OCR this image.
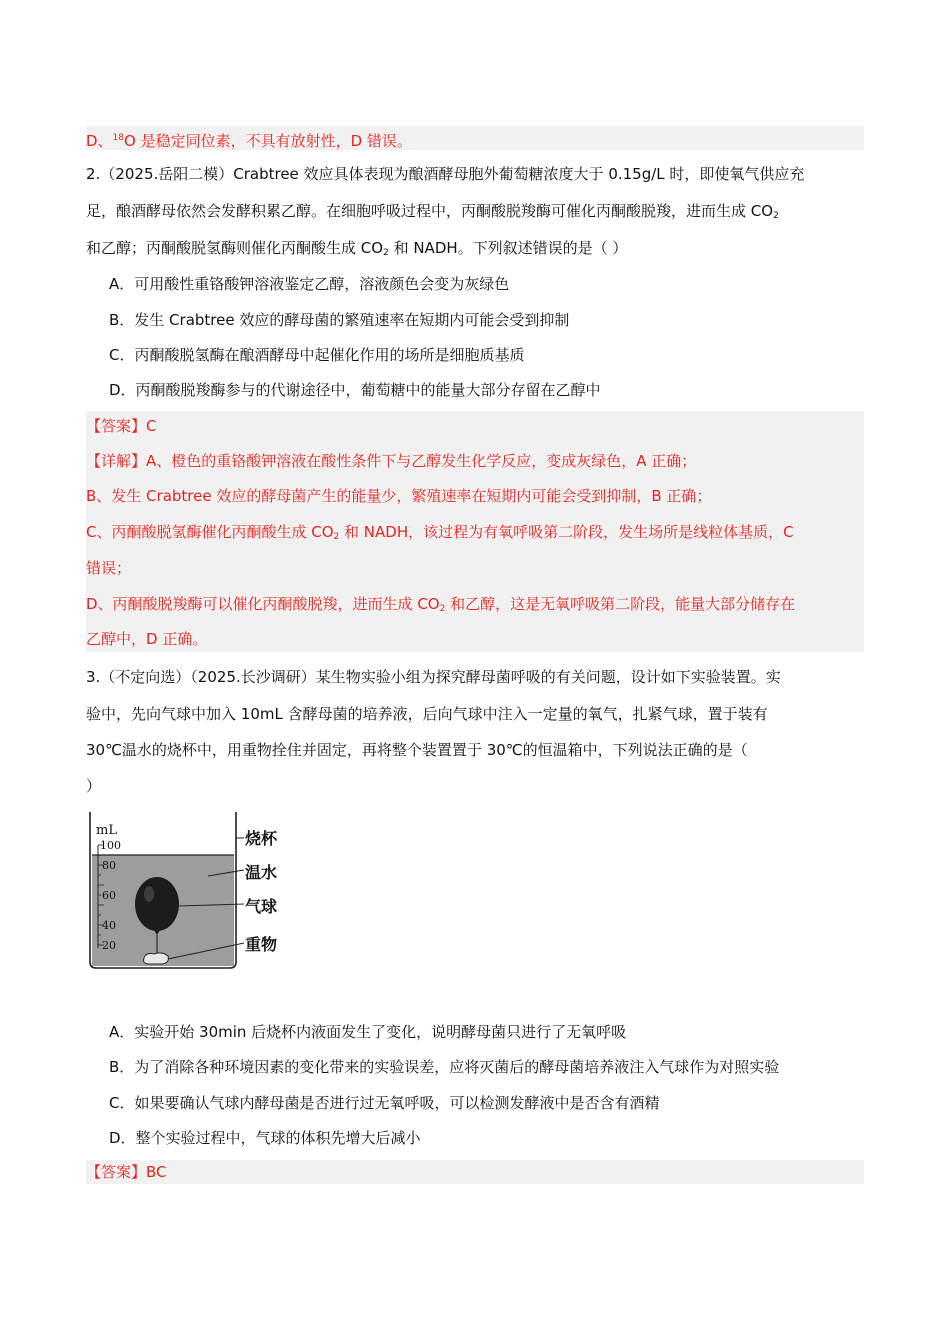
D、$^{18}$O 是稳定同位素，不具有放射性，D 错误。
2.（2025.岳阳二模）Crabtree 效应具体表现为酿酒酵母胞外葡萄糖浓度大于 0.15g/L 时，即使氧气供应充
足，酿酒酵母依然会发酵积累乙醇。在细胞呼吸过程中，丙酮酸脱羧酶可催化丙酮酸脱羧，进而生成 $CO_2$
和乙醇；丙酮酸脱氢酶则催化丙酮酸生成 $CO_2$ 和 NADH。下列叙述错误的是（ ）
A．可用酸性重铬酸钾溶液鉴定乙醇，溶液颜色会变为灰绿色
B．发生 Crabtree 效应的酵母菌的繁殖速率在短期内可能会受到抑制
C．丙酮酸脱氢酶在酿酒酵母中起催化作用的场所是细胞质基质
D．丙酮酸脱羧酶参与的代谢途径中，葡萄糖中的能量大部分存留在乙醇中
【答案】C
【详解】A、橙色的重铬酸钾溶液在酸性条件下与乙醇发生化学反应，变成灰绿色，A 正确；
B、发生 Crabtree 效应的酵母菌产生的能量少，繁殖速率在短期内可能会受到抑制，B 正确；
C、丙酮酸脱氢酶催化丙酮酸生成 $CO_2$ 和 NADH，该过程为有氧呼吸第二阶段，发生场所是线粒体基质，C
错误；
D、丙酮酸脱羧酶可以催化丙酮酸脱羧，进而生成 $CO_2$ 和乙醇，这是无氧呼吸第二阶段，能量大部分储存在
乙醇中，D 正确。
3.（不定向选）（2025.长沙调研）某生物实验小组为探究酵母菌呼吸的有关问题，设计如下实验装置。实
验中，先向气球中加入 10mL 含酵母菌的培养液，后向气球中注入一定量的氧气，扎紧气球，置于装有
30℃温水的烧杯中，用重物拴住并固定，再将整个装置置于 30℃的恒温箱中，下列说法正确的是（
）
mL
100
80
60
40
20
烧杯
温水
气球
重物
A．实验开始 30min 后烧杯内液面发生了变化，说明酵母菌只进行了无氧呼吸
B．为了消除各种环境因素的变化带来的实验误差，应将灭菌后的酵母菌培养液注入气球作为对照实验
C．如果要确认气球内酵母菌是否进行过无氧呼吸，可以检测发酵液中是否含有酒精
D．整个实验过程中，气球的体积先增大后减小
【答案】BC
